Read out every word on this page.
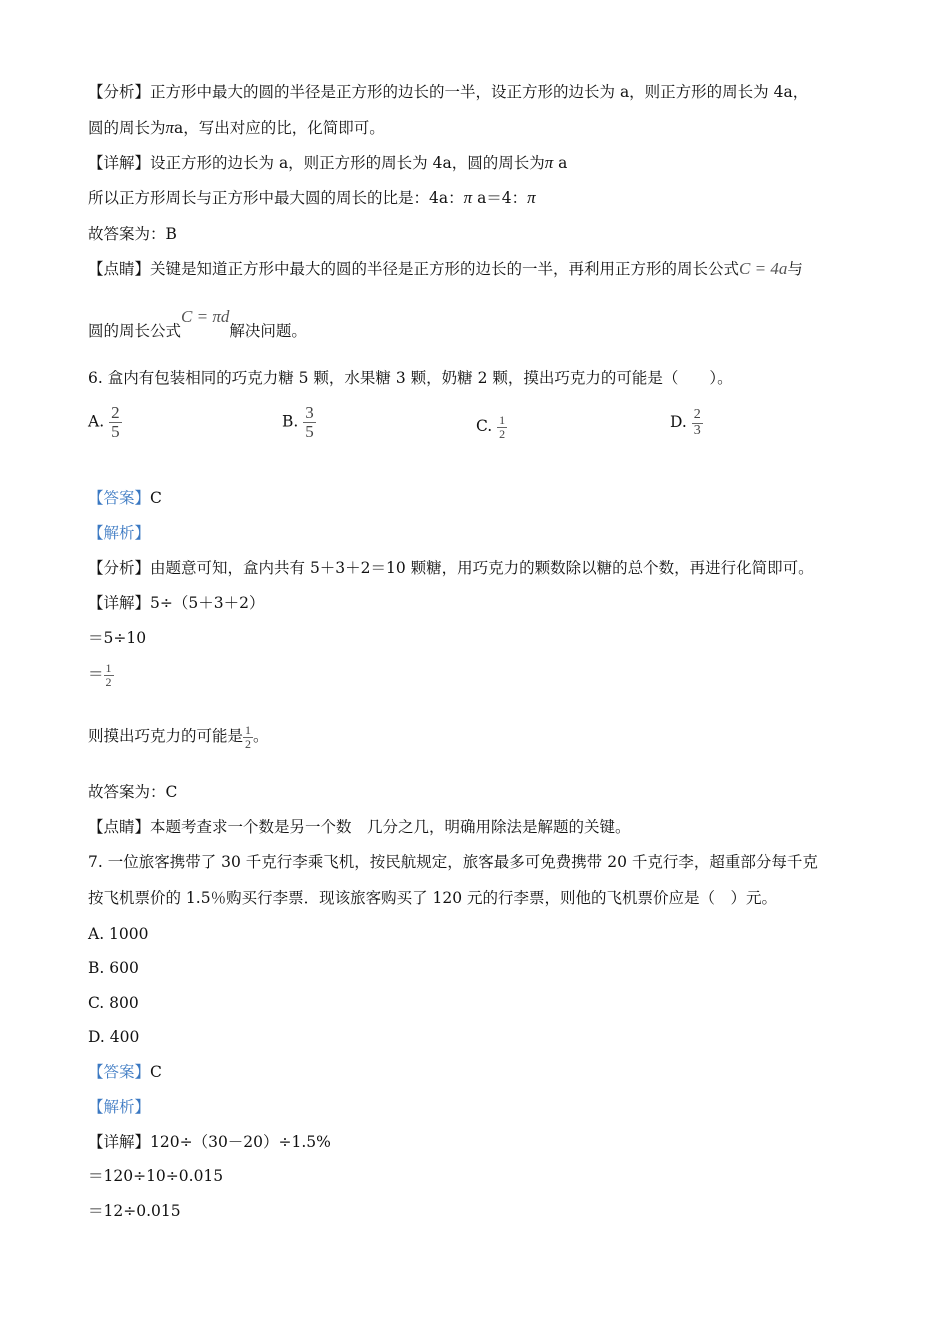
【分析】正方形中最大的圆的半径是正方形的边长的一半，设正方形的边长为 a，则正方形的周长为 4a，
圆的周长为πa，写出对应的比，化简即可。
【详解】设正方形的边长为 a，则正方形的周长为 4a，圆的周长为π a
所以正方形周长与正方形中最大圆的周长的比是：4a：π a＝4：π
故答案为：B
【点睛】关键是知道正方形中最大的圆的半径是正方形的边长的一半，再利用正方形的周长公式C = 4a与
圆的周长公式C = πd解决问题。
6. 盒内有包装相同的巧克力糖 5 颗，水果糖 3 颗，奶糖 2 颗，摸出巧克力的可能是（　　）。
A. $\frac{2}{5}$	B. $\frac{3}{5}$	C. $\frac{1}{2}$	D. $\frac{2}{3}$
【答案】C
【解析】
【分析】由题意可知，盒内共有 5＋3＋2＝10 颗糖，用巧克力的颗数除以糖的总个数，再进行化简即可。
【详解】5÷（5＋3＋2）
＝5÷10
＝ $\frac{1}{2}$
则摸出巧克力的可能是 $\frac{1}{2}$ 。
故答案为：C
【点睛】本题考查求一个数是另一个数　几分之几，明确用除法是解题的关键。
7. 一位旅客携带了 30 千克行李乘飞机，按民航规定，旅客最多可免费携带 20 千克行李，超重部分每千克
按飞机票价的 1.5％购买行李票．现该旅客购买了 120 元的行李票，则他的飞机票价应是（　）元。
A. 1000
B. 600
C. 800
D. 400
【答案】C
【解析】
【详解】120÷（30－20）÷1.5%
＝120÷10÷0.015
＝12÷0.015
